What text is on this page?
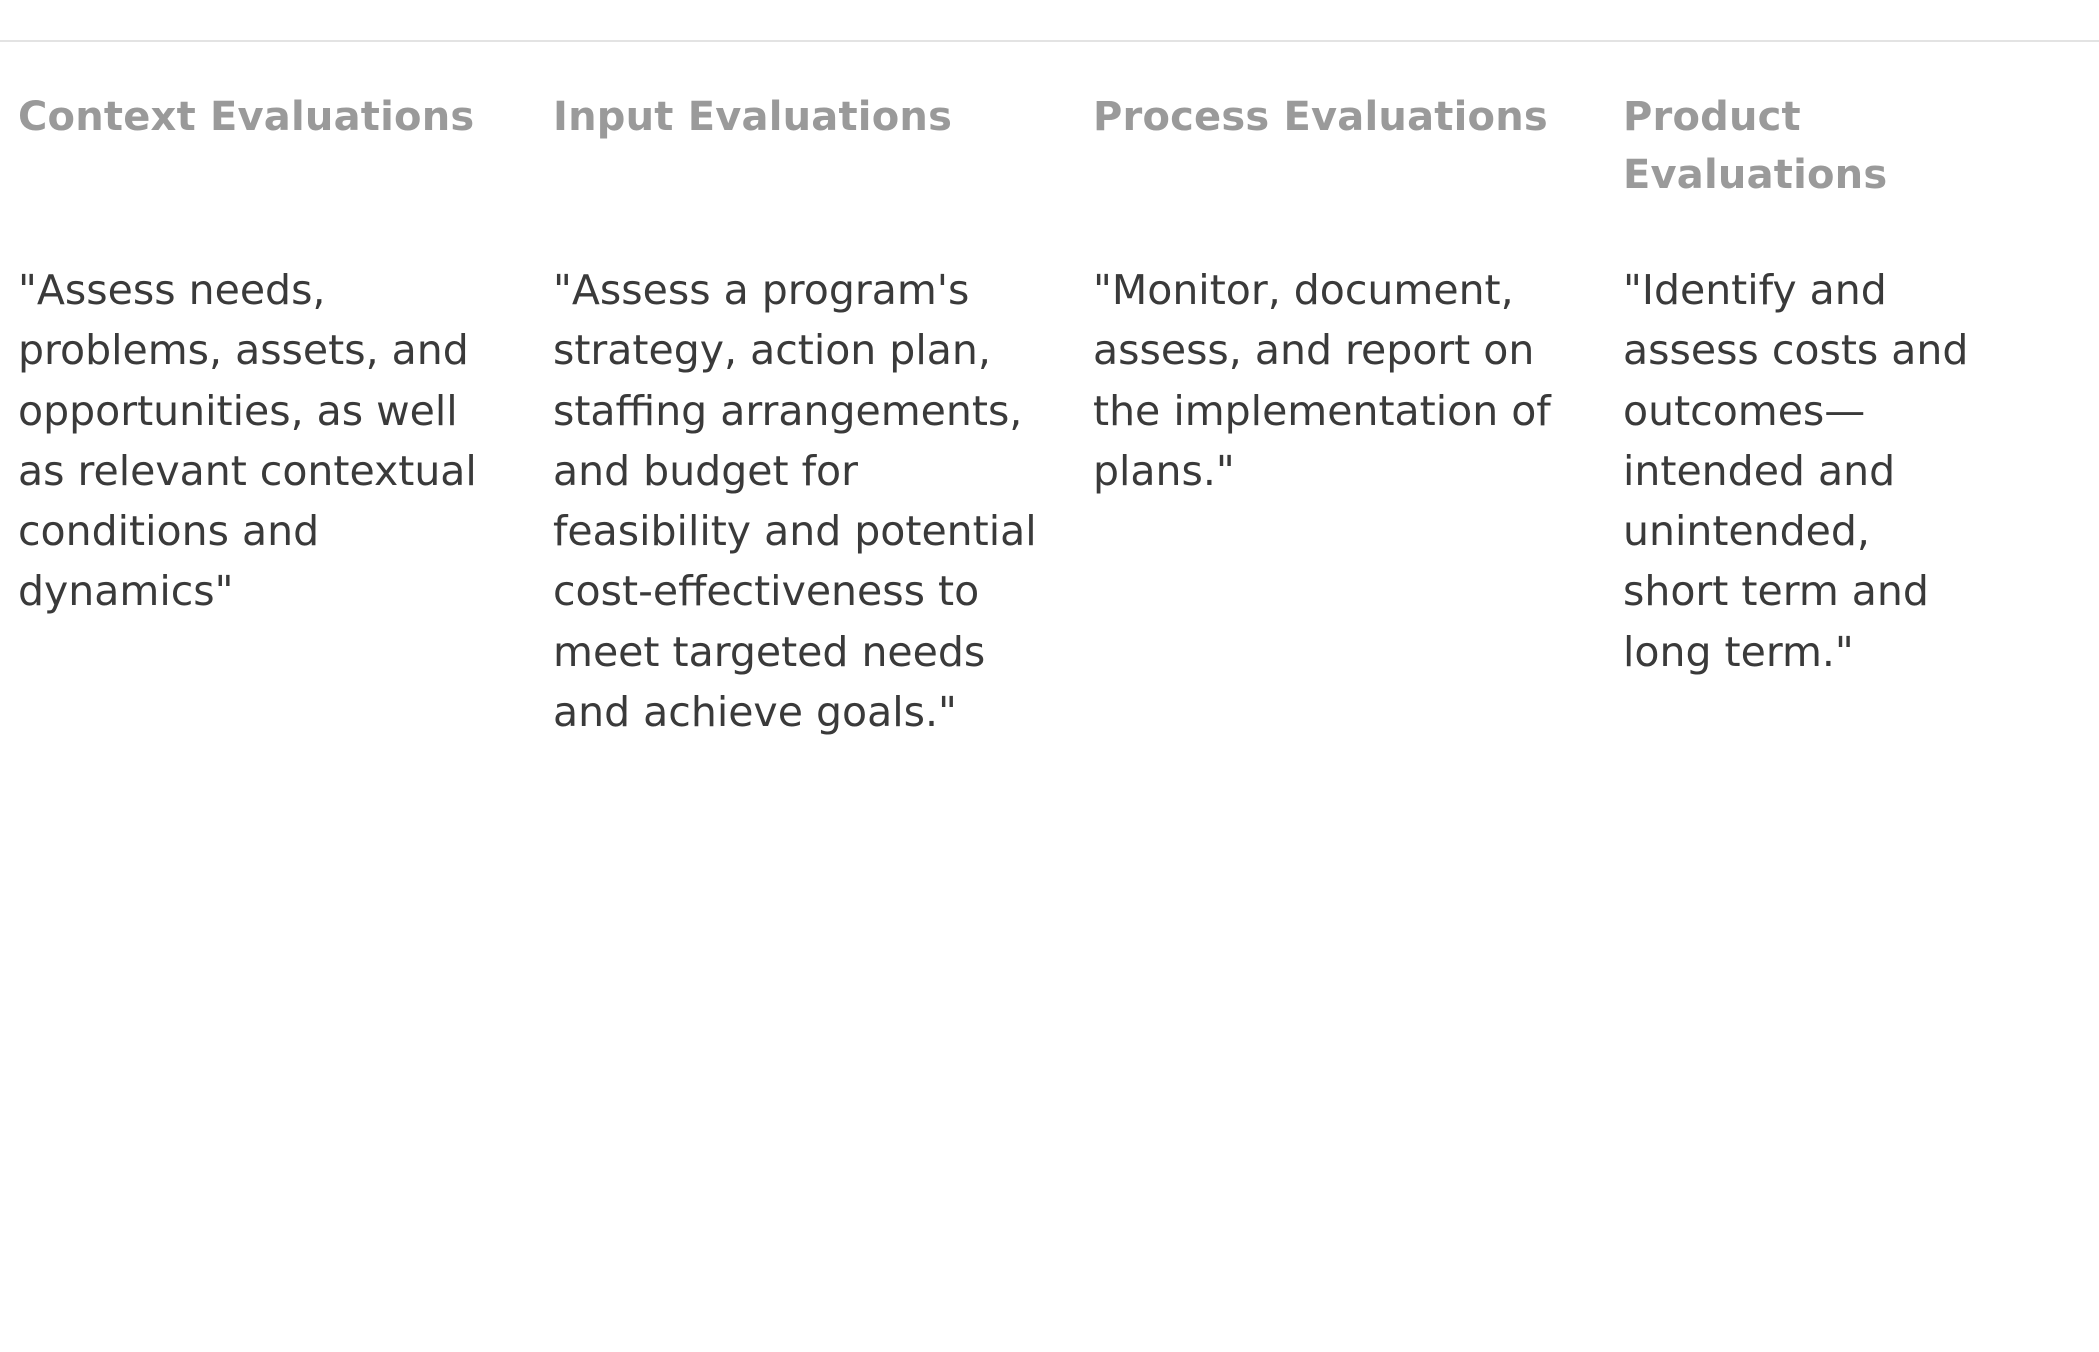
Context Evaluations	Input Evaluations	Process Evaluations	Product Evaluations

"Assess needs, problems, assets, and opportunities, as well as relevant contextual conditions and dynamics"	"Assess a program's strategy, action plan, staffing arrangements, and budget for feasibility and potential cost-effectiveness to meet targeted needs and achieve goals."	"Monitor, document, assess, and report on the implementation of plans."	"Identify and assess costs and outcomes—intended and unintended, short term and long term."
